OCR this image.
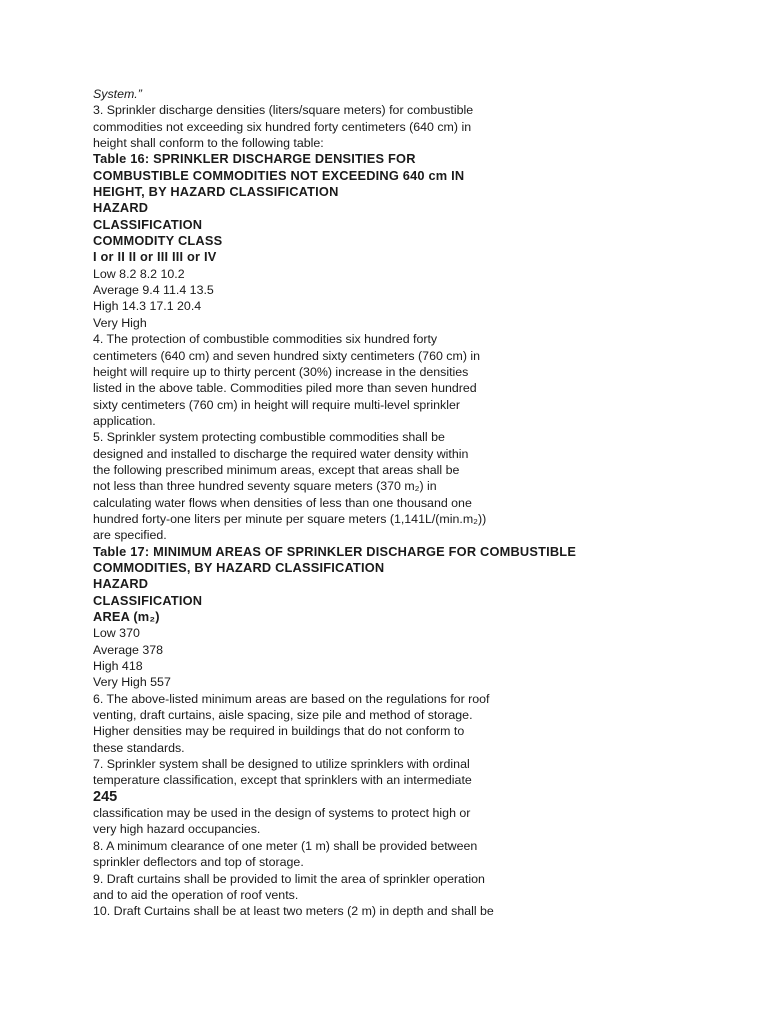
System.”
3. Sprinkler discharge densities (liters/square meters) for combustible
commodities not exceeding six hundred forty centimeters (640 cm) in
height shall conform to the following table:
Table 16: SPRINKLER DISCHARGE DENSITIES FOR
COMBUSTIBLE COMMODITIES NOT EXCEEDING 640 cm IN
HEIGHT, BY HAZARD CLASSIFICATION
HAZARD
CLASSIFICATION
COMMODITY CLASS
I or II II or III III or IV
Low 8.2 8.2 10.2
Average 9.4 11.4 13.5
High 14.3 17.1 20.4
Very High
4. The protection of combustible commodities six hundred forty
centimeters (640 cm) and seven hundred sixty centimeters (760 cm) in
height will require up to thirty percent (30%) increase in the densities
listed in the above table. Commodities piled more than seven hundred
sixty centimeters (760 cm) in height will require multi-level sprinkler
application.
5. Sprinkler system protecting combustible commodities shall be
designed and installed to discharge the required water density within
the following prescribed minimum areas, except that areas shall be
not less than three hundred seventy square meters (370 m₂) in
calculating water flows when densities of less than one thousand one
hundred forty-one liters per minute per square meters (1,141L/(min.m₂))
are specified.
Table 17: MINIMUM AREAS OF SPRINKLER DISCHARGE FOR COMBUSTIBLE
COMMODITIES, BY HAZARD CLASSIFICATION
HAZARD
CLASSIFICATION
AREA (m₂)
Low 370
Average 378
High 418
Very High 557
6. The above-listed minimum areas are based on the regulations for roof
venting, draft curtains, aisle spacing, size pile and method of storage.
Higher densities may be required in buildings that do not conform to
these standards.
7. Sprinkler system shall be designed to utilize sprinklers with ordinal
temperature classification, except that sprinklers with an intermediate
245
classification may be used in the design of systems to protect high or
very high hazard occupancies.
8. A minimum clearance of one meter (1 m) shall be provided between
sprinkler deflectors and top of storage.
9. Draft curtains shall be provided to limit the area of sprinkler operation
and to aid the operation of roof vents.
10. Draft Curtains shall be at least two meters (2 m) in depth and shall be
